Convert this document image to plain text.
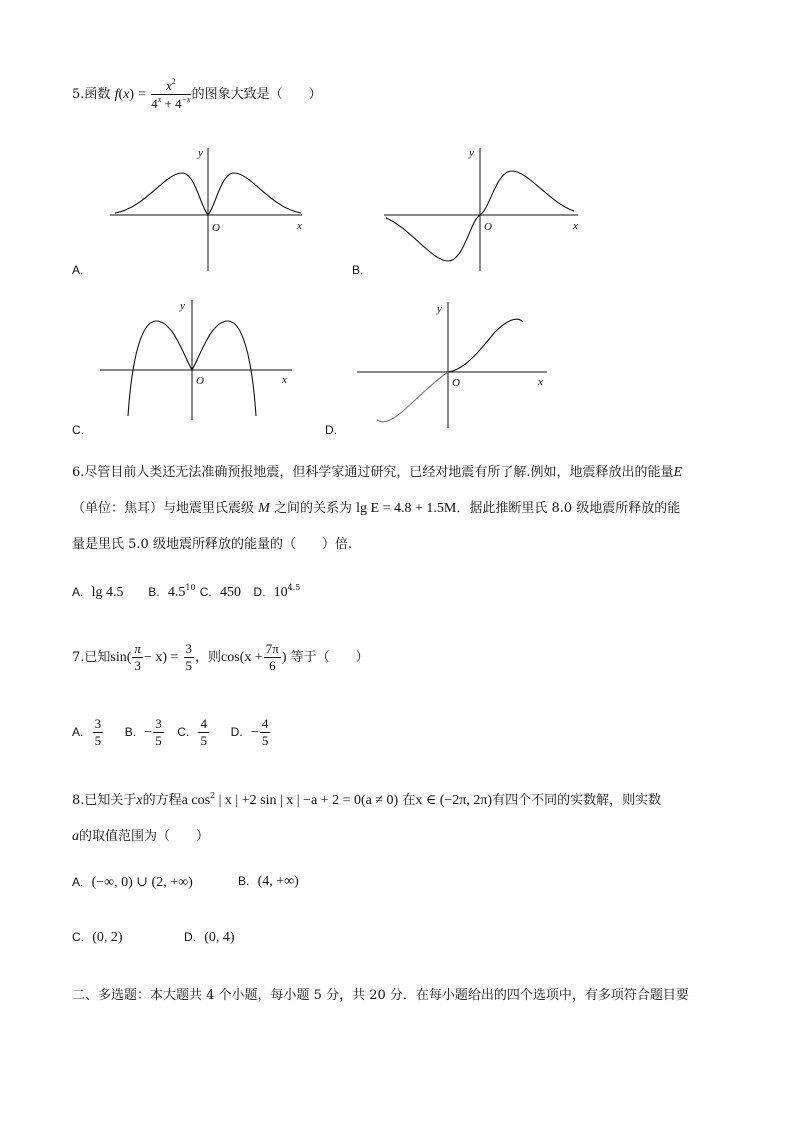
5.函数 $f(x) = \frac{x^2}{4^x + 4^{-x}}$ 的图象大致是（　　）
y
O	x
A.
y
O	x
B.
y
O	x
C.
y
O	x
D.
6.尽管目前人类还无法准确预报地震，但科学家通过研究，已经对地震有所了解.例如，地震释放出的能量E
（单位：焦耳）与地震里氏震级 M 之间的关系为 lg E = 4.8 + 1.5M．据此推断里氏 8.0 级地震所释放的能
量是里氏 5.0 级地震所释放的能量的（　　）倍.
A. lg 4.5 B. $4.5^{10}$ C. 450 D. $10^{4.5}$
7.已知$\sin( \frac{\pi}{3} - x) = \frac{3}{5}$ ，则$\cos(x + \frac{7\pi}{6}$ ) 等于（　　）
A. $\frac{3}{5} B$. − $\frac{3}{5} C$. $\frac{4}{5} D$. − $\frac{4}{5}$
8.已知关于x的方程a $\cos^2$ | x | +2 sin | x | −a + 2 = 0(a ≠ 0) 在x ∈ (−2π, 2π)有四个不同的实数解，则实数
a的取值范围为（　　）
A. (−∞, 0) ∪ (2, +∞)	B. (4, +∞)
C. (0, 2)	D. (0, 4)
二、多选题：本大题共 4 个小题，每小题 5 分，共 20 分．在每小题给出的四个选项中，有多项符合题目要
